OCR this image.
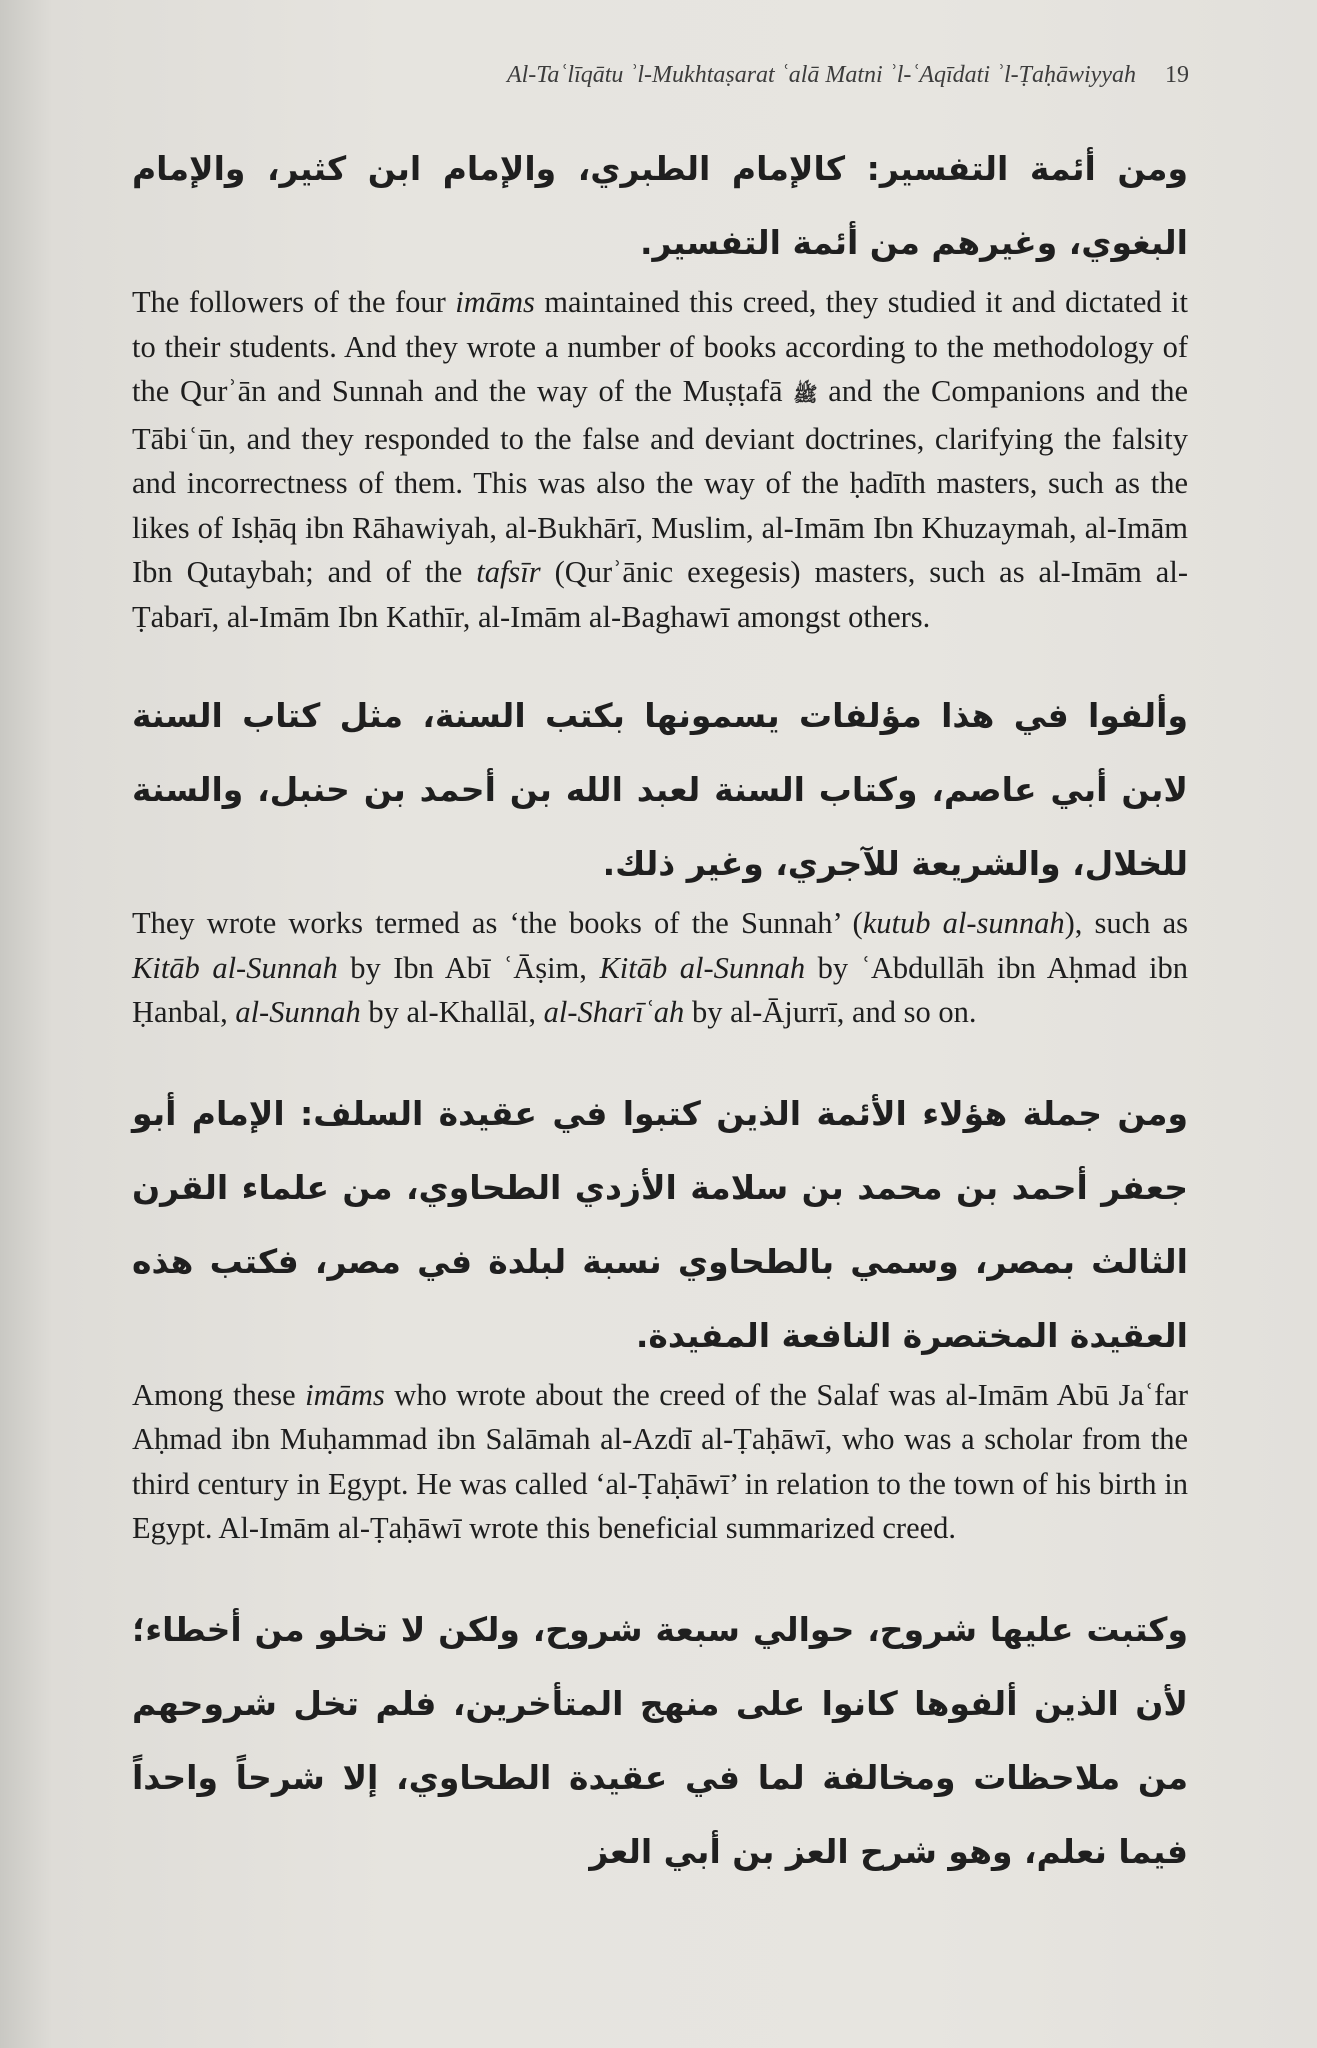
Al-Taʿlīqātu ʾl-Mukhtaṣarat ʿalā Matni ʾl-ʿAqīdati ʾl-Ṭaḥāwiyyah	19

ومن أئمة التفسير: كالإمام الطبري، والإمام ابن كثير، والإمام البغوي، وغيرهم من أئمة التفسير.

The followers of the four imāms maintained this creed, they studied it and dictated it to their students. And they wrote a number of books according to the methodology of the Qurʾān and Sunnah and the way of the Muṣṭafā ﷺ and the Companions and the Tābiʿūn, and they responded to the false and deviant doctrines, clarifying the falsity and incorrectness of them. This was also the way of the ḥadīth masters, such as the likes of Isḥāq ibn Rāhawiyah, al-Bukhārī, Muslim, al-Imām Ibn Khuzaymah, al-Imām Ibn Qutaybah; and of the tafsīr (Qurʾānic exegesis) masters, such as al-Imām al-Ṭabarī, al-Imām Ibn Kathīr, al-Imām al-Baghawī amongst others.

وألفوا في هذا مؤلفات يسمونها بكتب السنة، مثل كتاب السنة لابن أبي عاصم، وكتاب السنة لعبد الله بن أحمد بن حنبل، والسنة للخلال، والشريعة للآجري، وغير ذلك.

They wrote works termed as ‘the books of the Sunnah’ (kutub al-sunnah), such as Kitāb al-Sunnah by Ibn Abī ʿĀṣim, Kitāb al-Sunnah by ʿAbdullāh ibn Aḥmad ibn Ḥanbal, al-Sunnah by al-Khallāl, al-Sharīʿah by al-Ājurrī, and so on.

ومن جملة هؤلاء الأئمة الذين كتبوا في عقيدة السلف: الإمام أبو جعفر أحمد بن محمد بن سلامة الأزدي الطحاوي، من علماء القرن الثالث بمصر، وسمي بالطحاوي نسبة لبلدة في مصر، فكتب هذه العقيدة المختصرة النافعة المفيدة.

Among these imāms who wrote about the creed of the Salaf was al-Imām Abū Jaʿfar Aḥmad ibn Muḥammad ibn Salāmah al-Azdī al-Ṭaḥāwī, who was a scholar from the third century in Egypt. He was called ‘al-Ṭaḥāwī’ in relation to the town of his birth in Egypt. Al-Imām al-Ṭaḥāwī wrote this beneficial summarized creed.

وكتبت عليها شروح، حوالي سبعة شروح، ولكن لا تخلو من أخطاء؛ لأن الذين ألفوها كانوا على منهج المتأخرين، فلم تخل شروحهم من ملاحظات ومخالفة لما في عقيدة الطحاوي، إلا شرحاً واحداً فيما نعلم، وهو شرح العز بن أبي العز
